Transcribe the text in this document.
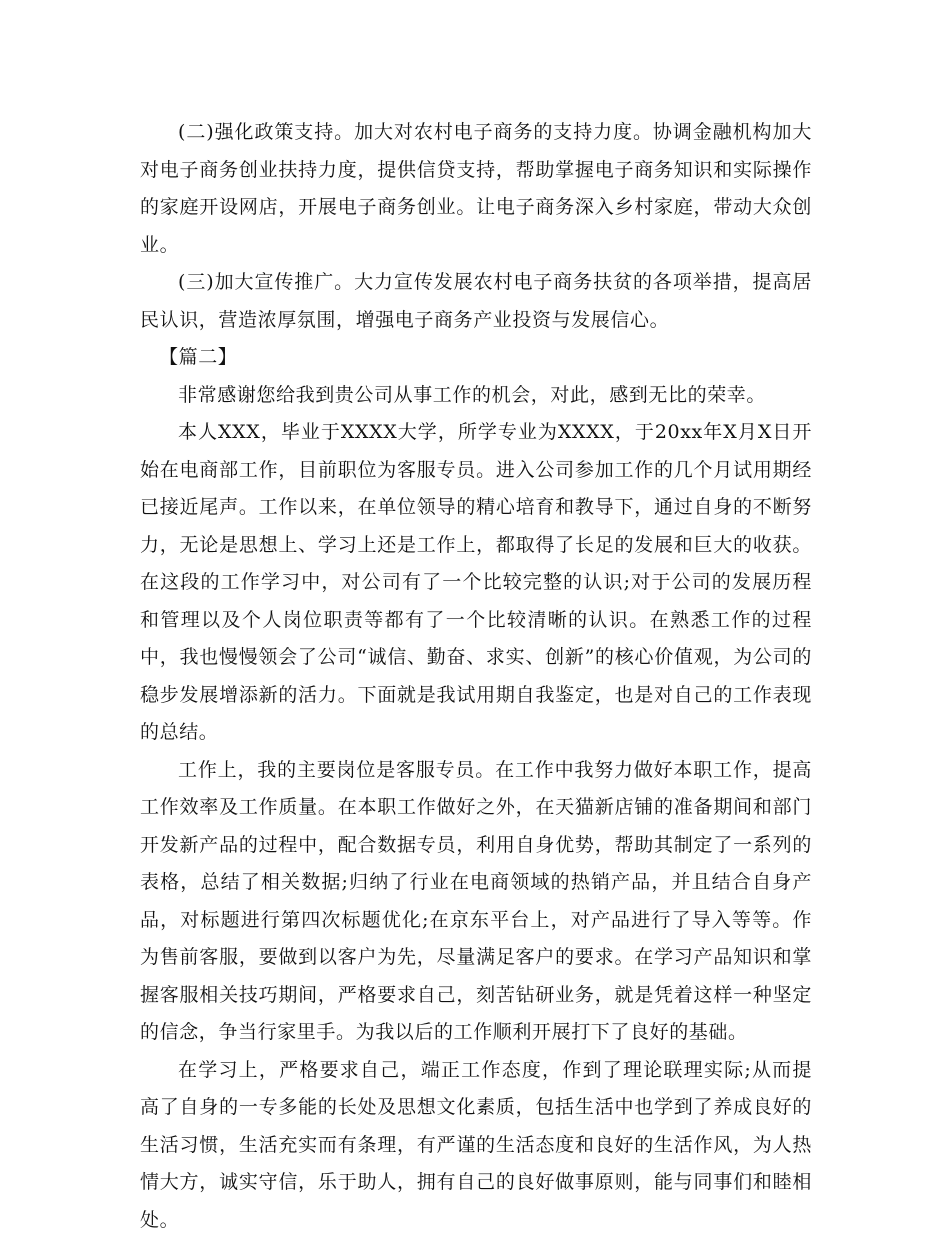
(二)强化政策支持。加大对农村电子商务的支持力度。协调金融机构加大对电子商务创业扶持力度，提供信贷支持，帮助掌握电子商务知识和实际操作的家庭开设网店，开展电子商务创业。让电子商务深入乡村家庭，带动大众创业。

(三)加大宣传推广。大力宣传发展农村电子商务扶贫的各项举措，提高居民认识，营造浓厚氛围，增强电子商务产业投资与发展信心。

【篇二】

非常感谢您给我到贵公司从事工作的机会，对此，感到无比的荣幸。

本人XXX，毕业于XXXX大学，所学专业为XXXX，于20xx年X月X日开始在电商部工作，目前职位为客服专员。进入公司参加工作的几个月试用期经已接近尾声。工作以来，在单位领导的精心培育和教导下，通过自身的不断努力，无论是思想上、学习上还是工作上，都取得了长足的发展和巨大的收获。在这段的工作学习中，对公司有了一个比较完整的认识;对于公司的发展历程和管理以及个人岗位职责等都有了一个比较清晰的认识。在熟悉工作的过程中，我也慢慢领会了公司“诚信、勤奋、求实、创新”的核心价值观，为公司的稳步发展增添新的活力。下面就是我试用期自我鉴定，也是对自己的工作表现的总结。

工作上，我的主要岗位是客服专员。在工作中我努力做好本职工作，提高工作效率及工作质量。在本职工作做好之外，在天猫新店铺的准备期间和部门开发新产品的过程中，配合数据专员，利用自身优势，帮助其制定了一系列的表格，总结了相关数据;归纳了行业在电商领域的热销产品，并且结合自身产品，对标题进行第四次标题优化;在京东平台上，对产品进行了导入等等。作为售前客服，要做到以客户为先，尽量满足客户的要求。在学习产品知识和掌握客服相关技巧期间，严格要求自己，刻苦钻研业务，就是凭着这样一种坚定的信念，争当行家里手。为我以后的工作顺利开展打下了良好的基础。

在学习上，严格要求自己，端正工作态度，作到了理论联理实际;从而提高了自身的一专多能的长处及思想文化素质，包括生活中也学到了养成良好的生活习惯，生活充实而有条理，有严谨的生活态度和良好的生活作风，为人热情大方，诚实守信，乐于助人，拥有自己的良好做事原则，能与同事们和睦相处。
